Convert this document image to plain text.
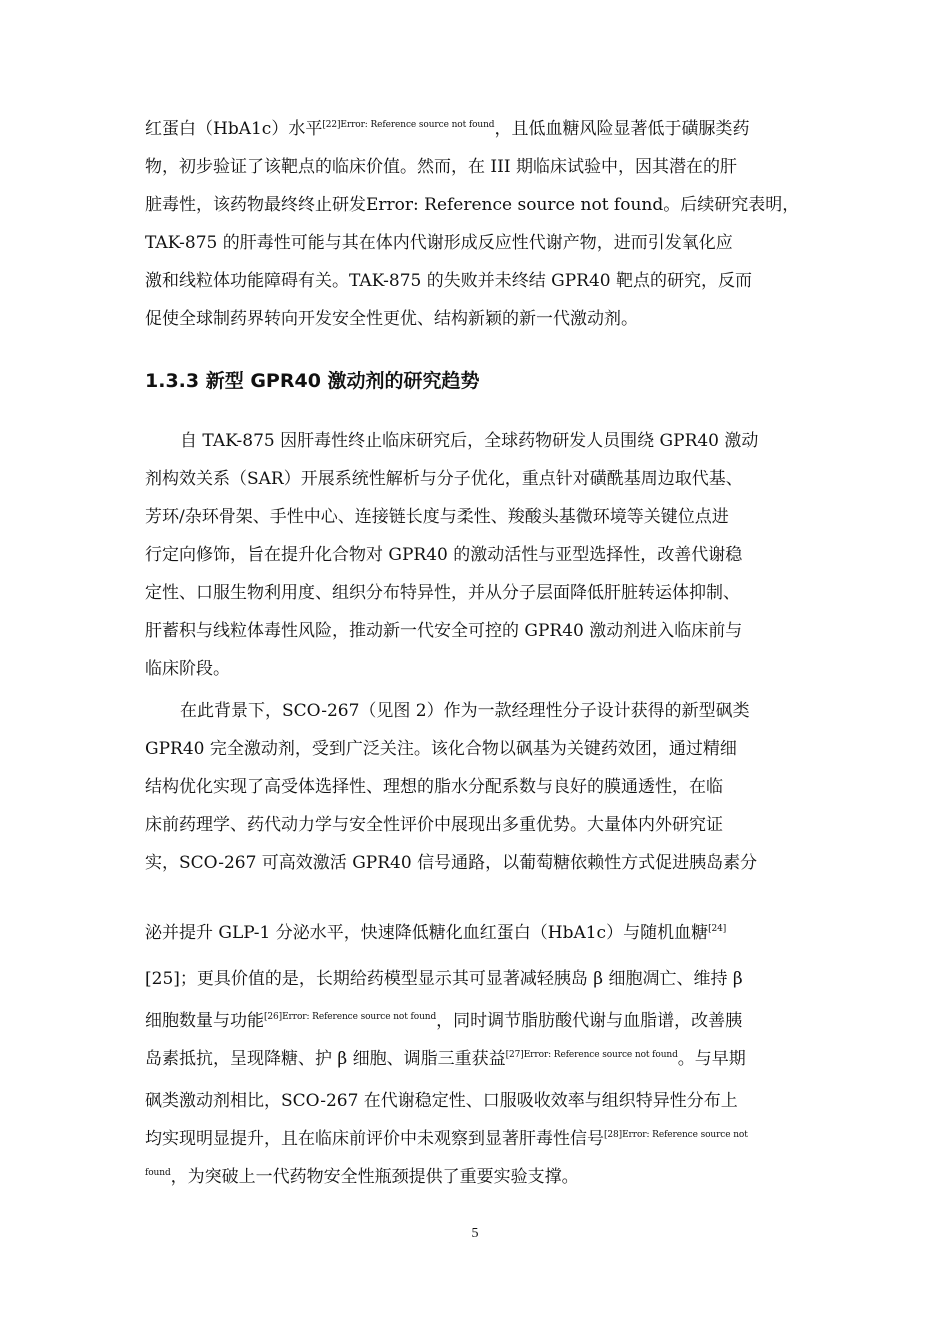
红蛋白（HbA1c）水平$^{[22]Error: Reference source not found}$，且低血糖风险显著低于磺脲类药
物，初步验证了该靶点的临床价值。然而，在 III 期临床试验中，因其潜在的肝
脏毒性，该药物最终终止研发Error: Reference source not found。后续研究表明，
TAK-875 的肝毒性可能与其在体内代谢形成反应性代谢产物，进而引发氧化应
激和线粒体功能障碍有关。TAK-875 的失败并未终结 GPR40 靶点的研究，反而
促使全球制药界转向开发安全性更优、结构新颖的新一代激动剂。
1.3.3 新型 GPR40 激动剂的研究趋势
自 TAK-875 因肝毒性终止临床研究后，全球药物研发人员围绕 GPR40 激动
剂构效关系（SAR）开展系统性解析与分子优化，重点针对磺酰基周边取代基、
芳环/杂环骨架、手性中心、连接链长度与柔性、羧酸头基微环境等关键位点进
行定向修饰，旨在提升化合物对 GPR40 的激动活性与亚型选择性，改善代谢稳
定性、口服生物利用度、组织分布特异性，并从分子层面降低肝脏转运体抑制、
肝蓄积与线粒体毒性风险，推动新一代安全可控的 GPR40 激动剂进入临床前与
临床阶段。
在此背景下，SCO-267（见图 2）作为一款经理性分子设计获得的新型砜类
GPR40 完全激动剂，受到广泛关注。该化合物以砜基为关键药效团，通过精细
结构优化实现了高受体选择性、理想的脂水分配系数与良好的膜通透性，在临
床前药理学、药代动力学与安全性评价中展现出多重优势。大量体内外研究证
实，SCO-267 可高效激活 GPR40 信号通路，以葡萄糖依赖性方式促进胰岛素分
泌并提升 GLP-1 分泌水平，快速降低糖化血红蛋白（HbA1c）与随机血糖[24]
[25]；更具价值的是，长期给药模型显示其可显著减轻胰岛 β 细胞凋亡、维持 β
细胞数量与功能$^{[26]Error: Reference source not found}$，同时调节脂肪酸代谢与血脂谱，改善胰
岛素抵抗，呈现降糖、护 β 细胞、调脂三重获益$^{[27]Error: Reference source not found}$。与早期
砜类激动剂相比，SCO-267 在代谢稳定性、口服吸收效率与组织特异性分布上
均实现明显提升，且在临床前评价中未观察到显著肝毒性信号$^{[28]Error: Reference source not}$
$^{found}$，为突破上一代药物安全性瓶颈提供了重要实验支撑。
5
